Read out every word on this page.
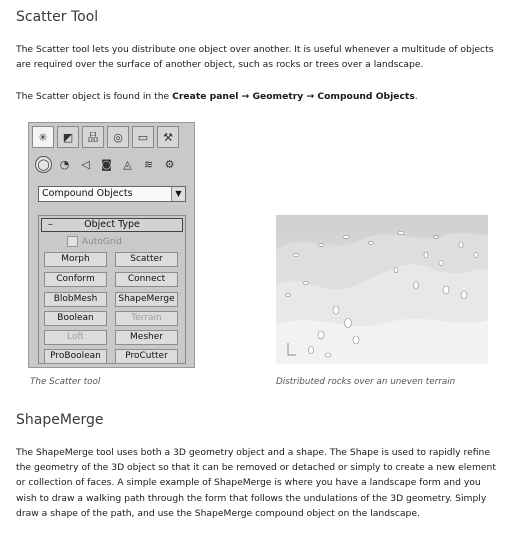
Scatter Tool

The Scatter tool lets you distribute one object over another. It is useful whenever a multitude of objects are required over the surface of another object, such as rocks or trees over a landscape.

The Scatter object is found in the Create panel → Geometry → Compound Objects.

✳	◩	品	◎	▭	⚒
◯ ◔	◁	◙	◬	≋	⚙
Compound Objects	▼
–	Object Type
AutoGrid
Morph	Scatter
Conform	Connect
BlobMesh	ShapeMerge
Boolean	Terrain
Loft	Mesher
ProBoolean	ProCutter

The Scatter tool	Distributed rocks over an uneven terrain

ShapeMerge

The ShapeMerge tool uses both a 3D geometry object and a shape. The Shape is used to rapidly refine the geometry of the 3D object so that it can be removed or detached or simply to create a new element or collection of faces. A simple example of ShapeMerge is where you have a landscape form and you wish to draw a walking path through the form that follows the undulations of the 3D geometry. Simply draw a shape of the path, and use the ShapeMerge compound object on the landscape.
